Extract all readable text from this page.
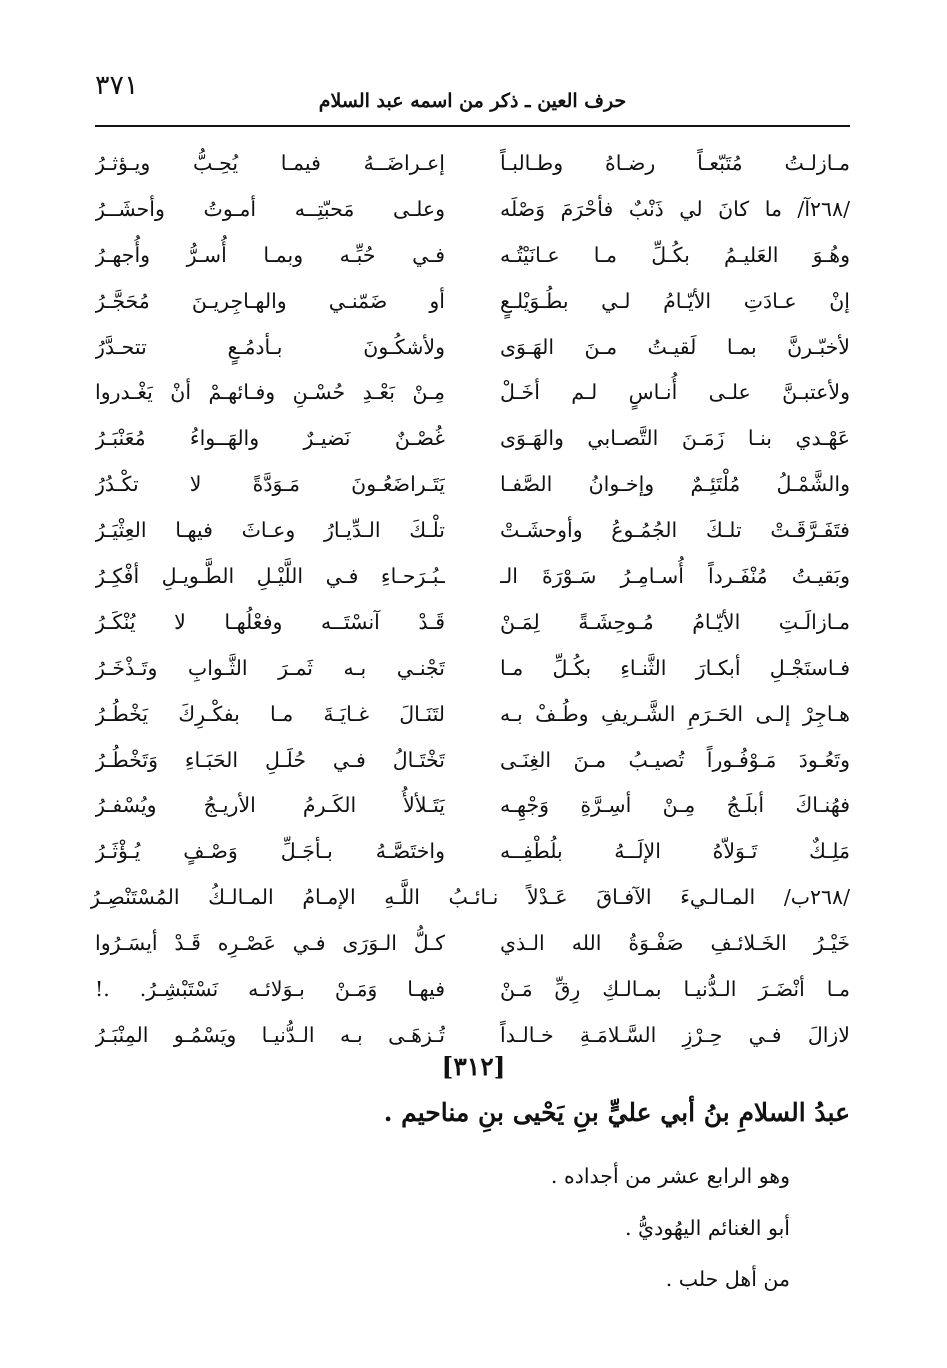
٣٧١	حرف العين ـ ذكر من اسمه عبد السلام
مـازلـتُ مُتَبّعـاً رضـاهُ وطـالبـاً
إعـراضَــهُ فيمـا يُحِـبُّ ويـؤثـرُ
/٢٦٨آ/ ما كانَ لي ذَنْبٌ فأحْرَمَ وَصْلَه
وعلـى مَحبّتِــه أمـوتُ وأحشَــرُ
وهُـوَ العَليـمُ بكُـلِّ مـا عـانَيْتُـه
فـي حُبِّـه وبمـا أُسـرُّ وأُجهـرُ
إنْ عـادَتِ الأيّـامُ لـي بطُـوَيْلـعٍ
أو ضَمّنـي والهـاجِريـنَ مُحَجَّـرُ
لأخبّـرنَّ بمـا لَقيـتُ مـنَ الهَـوَى
ولأشكُـونَ بـأدمُـعٍ تتحـدَّرُ
ولأعتبـنَّ علـى أُنـاسٍ لـم أخَـلْ
مِـنْ بَعْـدِ حُسْـنِ وفـائهـمْ أنْ يَغْـدروا
عَهْـدي بنـا زَمَـنَ التَّصـابي والهَـوَى
غُصْـنٌ نَضيـرٌ والهَــواءُ مُعَنْبَـرُ
والشَّمْـلُ مُلْتَئِـمٌ وإخـوانُ الصَّفـا
يَتَـراضَعُـونَ مَـوَدَّةً لا تكْـدُرُ
فتَفَـرَّقَـتْ تلـكَ الجُمُـوعُ وأوحشَـتْ
تلْـكَ الـدِّيـارُ وعـاثَ فيهـا العِثْيَـرُ
وبَقيـتُ مُنْفَـرداً أُسـامِـرُ سَـوْرَةَ الـ
ـبُـرَحـاءِ فـي اللَّيْـلِ الطَّـويـلِ أفْكِـرُ
مـازالَـتِ الأيّـامُ مُـوحِشَـةً لِمَـنْ
قَـدْ آنسْتَــه وفعْلُهـا لا يُنْكَـرُ
فـاستَجْـلِ أبكـارَ الثَّنـاءِ بكُـلِّ مـا
تَجْنـي بـه ثَمـرَ الثَّـوابِ وتَـذْخَـرُ
هـاجِرْ إلـى الحَـرَمِ الشَّـريفِ وطُـفْ بـه
لتَنَـالَ غـايَـةَ مـا بفكْـرِكَ يَخْطُـرُ
وتَعُـودَ مَـوْفُـوراً تُصيـبُ مـنَ الغِنَـى
تَخْتَـالُ فـي حُلَـلِ الحَبَـاءِ وَتَخْطُـرُ
فهُنـاكَ أبلَـجُ مِـنْ أسِـرَّةِ وَجْهِـه
يَتَـلألأُ الكَـرمُ الأريـجُ ويُسْفـرُ
مَلِـكٌ تَـوَلاّهُ الإلَــهُ بلُطْفِــه
واختَصَّـهُ بـأجَـلِّ وَصْـفٍ يُـؤْثَـرُ
/٢٦٨ب/ المـالـيءَ الآفـاقَ عَـدْلاً نـائـبُ اللَّـهِ الإمـامُ المـالـكُ المُسْتَنْصِـرُ
خَيْـرُ الخَـلائـفِ صَفْـوَةُ الله الـذي
كـلُّ الـوَرَى فـي عَصْـرِه قَـدْ أيسَـرُوا
مـا أنْضَـرَ الـدُّنيـا بمـالـكِ رِقِّ مَـنْ
فيهـا وَمَـنْ بـوَلائـه نَسْتَبْشِـرُ. .!
لازالَ فـي حِـرْزِ السَّـلامَـةِ خـالـداً
تُـزهَـى بـه الـدُّنيـا ويَسْمُـو المِنْبَـرُ
[٣١٢]
عبدُ السلامِ بنُ أبي عليٍّ بنِ يَحْيى بنِ مناحيم .
وهو الرابع عشر من أجداده .
أبو الغنائم اليهُوديُّ .
من أهل حلب .
